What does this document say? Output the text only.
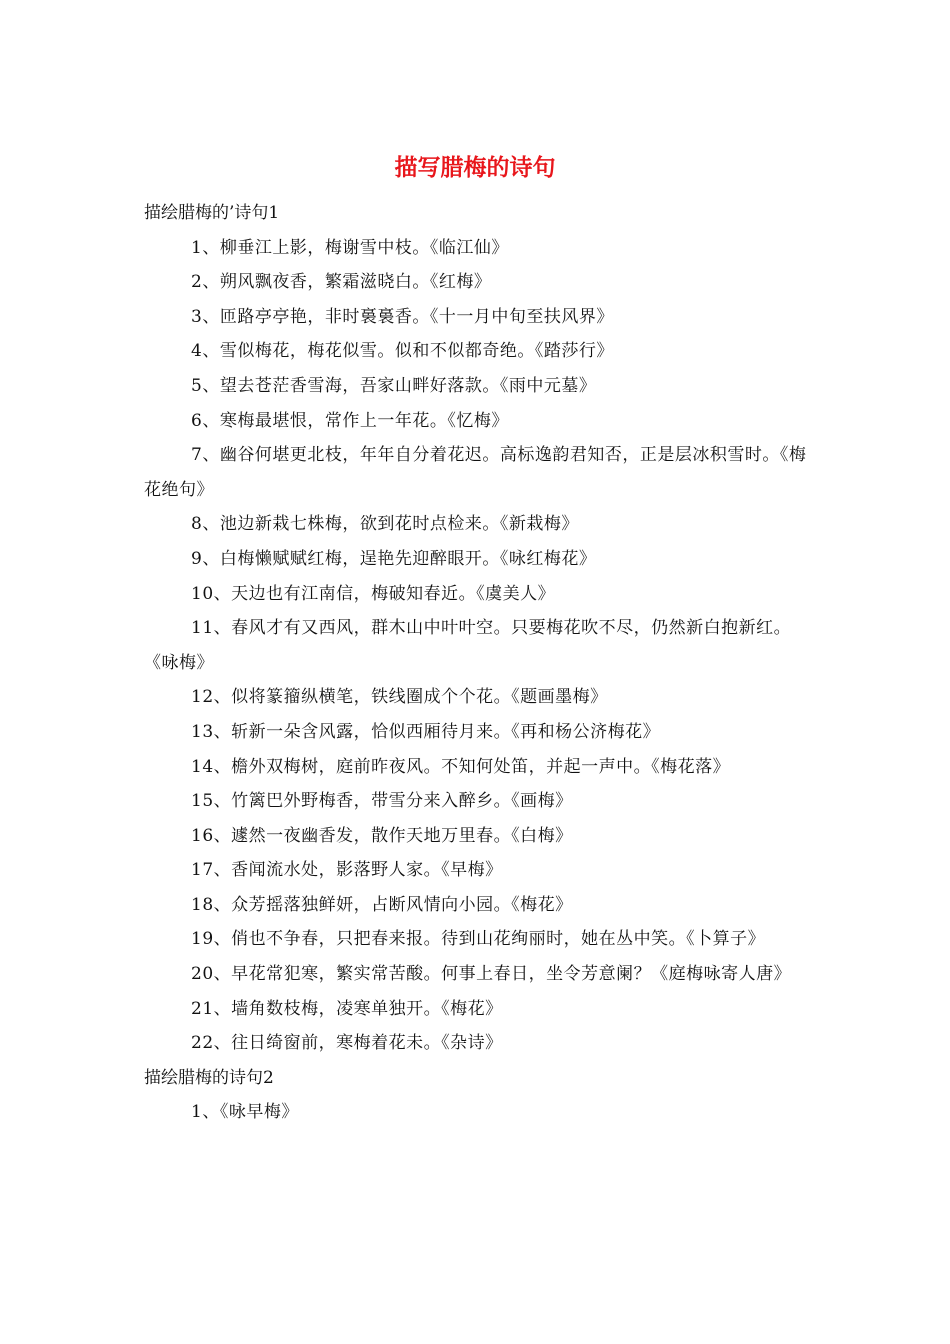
描写腊梅的诗句

描绘腊梅的’诗句1

1、柳垂江上影，梅谢雪中枝。《临江仙》

2、朔风飘夜香，繁霜滋晓白。《红梅》

3、匝路亭亭艳，非时裛裛香。《十一月中旬至扶风界》

4、雪似梅花，梅花似雪。似和不似都奇绝。《踏莎行》

5、望去苍茫香雪海，吾家山畔好落款。《雨中元墓》

6、寒梅最堪恨，常作上一年花。《忆梅》

7、幽谷何堪更北枝，年年自分着花迟。高标逸韵君知否，正是层冰积雪时。《梅花绝句》

8、池边新栽七株梅，欲到花时点检来。《新栽梅》

9、白梅懒赋赋红梅，逞艳先迎醉眼开。《咏红梅花》

10、天边也有江南信，梅破知春近。《虞美人》

11、春风才有又西风，群木山中叶叶空。只要梅花吹不尽，仍然新白抱新红。《咏梅》

12、似将篆籀纵横笔，铁线圈成个个花。《题画墨梅》

13、斩新一朵含风露，恰似西厢待月来。《再和杨公济梅花》

14、檐外双梅树，庭前昨夜风。不知何处笛，并起一声中。《梅花落》

15、竹篱巴外野梅香，带雪分来入醉乡。《画梅》

16、遽然一夜幽香发，散作天地万里春。《白梅》

17、香闻流水处，影落野人家。《早梅》

18、众芳摇落独鲜妍，占断风情向小园。《梅花》

19、俏也不争春，只把春来报。待到山花绚丽时，她在丛中笑。《卜算子》

20、早花常犯寒，繁实常苦酸。何事上春日，坐令芳意阑？《庭梅咏寄人唐》

21、墙角数枝梅，凌寒单独开。《梅花》

22、往日绮窗前，寒梅着花未。《杂诗》

描绘腊梅的诗句2

1、《咏早梅》
